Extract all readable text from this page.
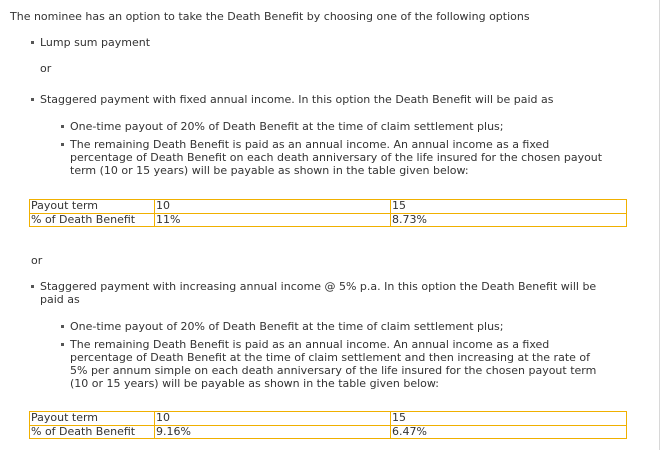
The nominee has an option to take the Death Benefit by choosing one of the following options
Lump sum payment
or
Staggered payment with fixed annual income. In this option the Death Benefit will be paid as
One-time payout of 20% of Death Benefit at the time of claim settlement plus;
The remaining Death Benefit is paid as an annual income. An annual income as a fixed
percentage of Death Benefit on each death anniversary of the life insured for the chosen payout
term (10 or 15 years) will be payable as shown in the table given below:
Payout term	10	15
% of Death Benefit	11%	8.73%
or
Staggered payment with increasing annual income @ 5% p.a. In this option the Death Benefit will be
paid as
One-time payout of 20% of Death Benefit at the time of claim settlement plus;
The remaining Death Benefit is paid as an annual income. An annual income as a fixed
percentage of Death Benefit at the time of claim settlement and then increasing at the rate of
5% per annum simple on each death anniversary of the life insured for the chosen payout term
(10 or 15 years) will be payable as shown in the table given below:
Payout term	10	15
% of Death Benefit	9.16%	6.47%
